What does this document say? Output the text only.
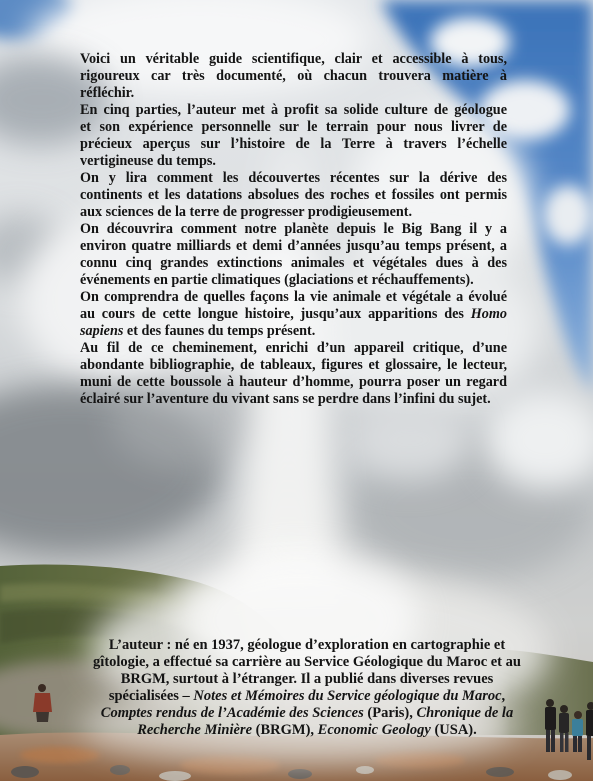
Voici un véritable guide scientifique, clair et accessible à tous,
rigoureux car très documenté, où chacun trouvera matière à
réfléchir.
En cinq parties, l’auteur met à profit sa solide culture de géologue
et son expérience personnelle sur le terrain pour nous livrer de
précieux aperçus sur l’histoire de la Terre à travers l’échelle
vertigineuse du temps.
On y lira comment les découvertes récentes sur la dérive des
continents et les datations absolues des roches et fossiles ont permis
aux sciences de la terre de progresser prodigieusement.
On découvrira comment notre planète depuis le Big Bang il y a
environ quatre milliards et demi d’années jusqu’au temps présent, a
connu cinq grandes extinctions animales et végétales dues à des
événements en partie climatiques (glaciations et réchauffements).
On comprendra de quelles façons la vie animale et végétale a évolué
au cours de cette longue histoire, jusqu’aux apparitions des Homo
sapiens et des faunes du temps présent.
Au fil de ce cheminement, enrichi d’un appareil critique, d’une
abondante bibliographie, de tableaux, figures et glossaire, le lecteur,
muni de cette boussole à hauteur d’homme, pourra poser un regard
éclairé sur l’aventure du vivant sans se perdre dans l’infini du sujet.
L’auteur : né en 1937, géologue d’exploration en cartographie et
gîtologie, a effectué sa carrière au Service Géologique du Maroc et au
BRGM, surtout à l’étranger. Il a publié dans diverses revues
spécialisées – Notes et Mémoires du Service géologique du Maroc,
Comptes rendus de l’Académie des Sciences (Paris), Chronique de la
Recherche Minière (BRGM), Economic Geology (USA).
